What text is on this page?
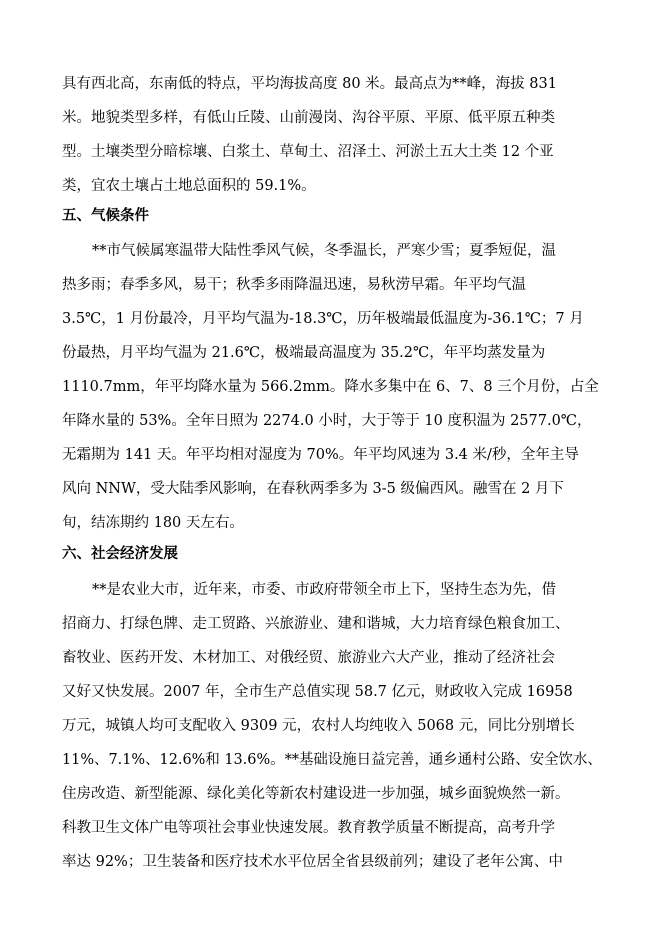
具有西北高，东南低的特点，平均海拔高度 80 米。最高点为**峰，海拔 831
米。地貌类型多样，有低山丘陵、山前漫岗、沟谷平原、平原、低平原五种类
型。土壤类型分暗棕壤、白浆土、草甸土、沼泽土、河淤土五大土类 12 个亚
类，宜农土壤占土地总面积的 59.1%。
五、气候条件
**市气候属寒温带大陆性季风气候，冬季温长，严寒少雪；夏季短促，温
热多雨；春季多风，易干；秋季多雨降温迅速，易秋涝早霜。年平均气温
3.5℃，1 月份最冷，月平均气温为-18.3℃，历年极端最低温度为-36.1℃；7 月
份最热，月平均气温为 21.6℃，极端最高温度为 35.2℃，年平均蒸发量为
1110.7mm，年平均降水量为 566.2mm。降水多集中在 6、7、8 三个月份，占全
年降水量的 53%。全年日照为 2274.0 小时，大于等于 10 度积温为 2577.0℃，
无霜期为 141 天。年平均相对湿度为 70%。年平均风速为 3.4 米/秒，全年主导
风向 NNW，受大陆季风影响，在春秋两季多为 3-5 级偏西风。融雪在 2 月下
旬，结冻期约 180 天左右。
六、社会经济发展
**是农业大市，近年来，市委、市政府带领全市上下，坚持生态为先，借
招商力、打绿色牌、走工贸路、兴旅游业、建和谐城，大力培育绿色粮食加工、
畜牧业、医药开发、木材加工、对俄经贸、旅游业六大产业，推动了经济社会
又好又快发展。2007 年，全市生产总值实现 58.7 亿元，财政收入完成 16958
万元，城镇人均可支配收入 9309 元，农村人均纯收入 5068 元，同比分别增长
11%、7.1%、12.6%和 13.6%。**基础设施日益完善，通乡通村公路、安全饮水、
住房改造、新型能源、绿化美化等新农村建设进一步加强，城乡面貌焕然一新。
科教卫生文体广电等项社会事业快速发展。教育教学质量不断提高，高考升学
率达 92%；卫生装备和医疗技术水平位居全省县级前列；建设了老年公寓、中
